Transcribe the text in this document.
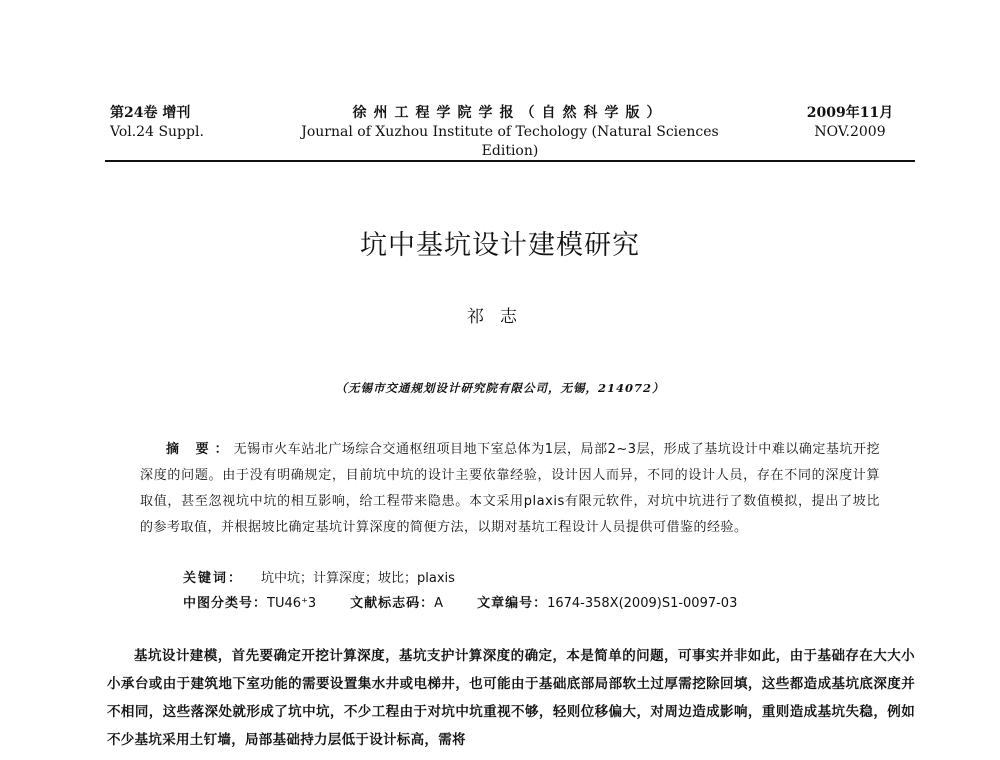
第24卷 增刊
Vol.24 Suppl.
徐州工程学院学报（自然科学版）
Journal of Xuzhou Institute of Techology (Natural Sciences Edition)
2009年11月
NOV.2009
坑中基坑设计建模研究
祁志
（无锡市交通规划设计研究院有限公司，无锡，214072）

摘 要：无锡市火车站北广场综合交通枢纽项目地下室总体为1层，局部2~3层，形成了基坑设计中难以确定基坑开挖深度的问题。由于没有明确规定，目前坑中坑的设计主要依靠经验，设计因人而异，不同的设计人员，存在不同的深度计算取值，甚至忽视坑中坑的相互影响，给工程带来隐患。本文采用plaxis有限元软件，对坑中坑进行了数值模拟，提出了坡比的参考取值，并根据坡比确定基坑计算深度的简便方法，以期对基坑工程设计人员提供可借鉴的经验。

关键词： 坑中坑；计算深度；坡比；plaxis
中图分类号：TU46⁺3	文献标志码：A	文章编号：1674-358X(2009)S1-0097-03

基坑设计建模，首先要确定开挖计算深度，基坑支护计算深度的确定，本是简单的问题，可事实并非如此，由于基础存在大大小小承台或由于建筑地下室功能的需要设置集水井或电梯井，也可能由于基础底部局部软土过厚需挖除回填，这些都造成基坑底深度并不相同，这些落深处就形成了坑中坑，不少工程由于对坑中坑重视不够，轻则位移偏大，对周边造成影响，重则造成基坑失稳，例如不少基坑采用土钉墙，局部基础持力层低于设计标高，需将
